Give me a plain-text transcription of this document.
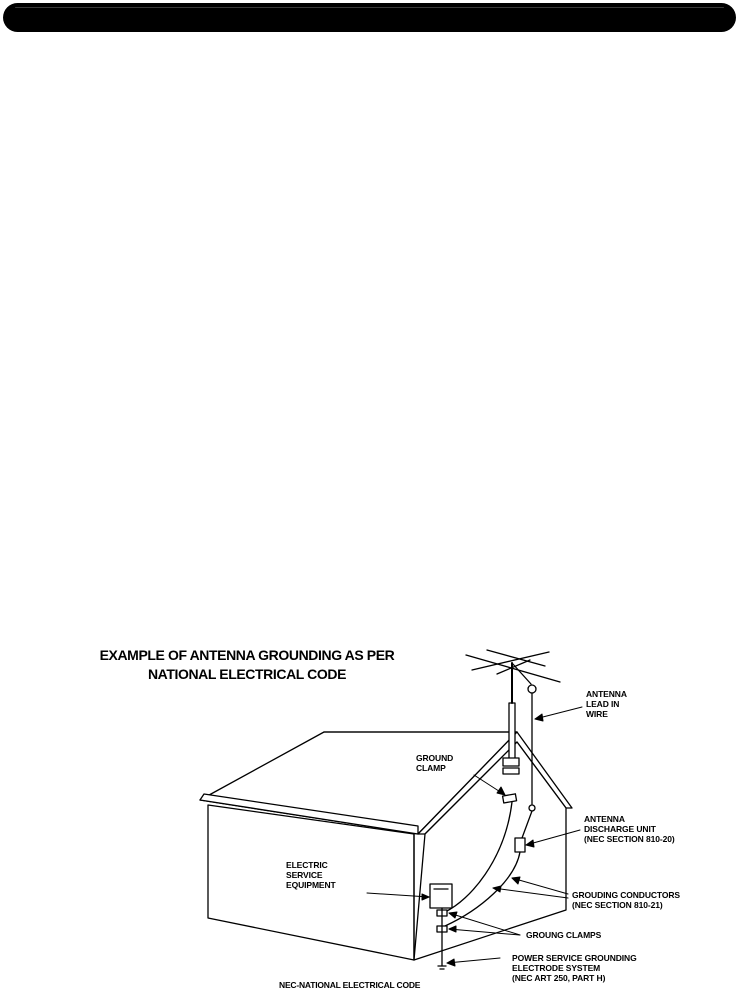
EXAMPLE OF ANTENNA GROUNDING AS PER
NATIONAL ELECTRICAL CODE
ANTENNA
LEAD IN
WIRE
GROUND
CLAMP
ANTENNA
DISCHARGE UNIT
(NEC SECTION 810-20)
ELECTRIC
SERVICE
EQUIPMENT
GROUDING CONDUCTORS
(NEC SECTION 810-21)
GROUNG CLAMPS
POWER SERVICE GROUNDING
ELECTRODE SYSTEM
(NEC ART 250, PART H)
NEC-NATIONAL ELECTRICAL CODE
